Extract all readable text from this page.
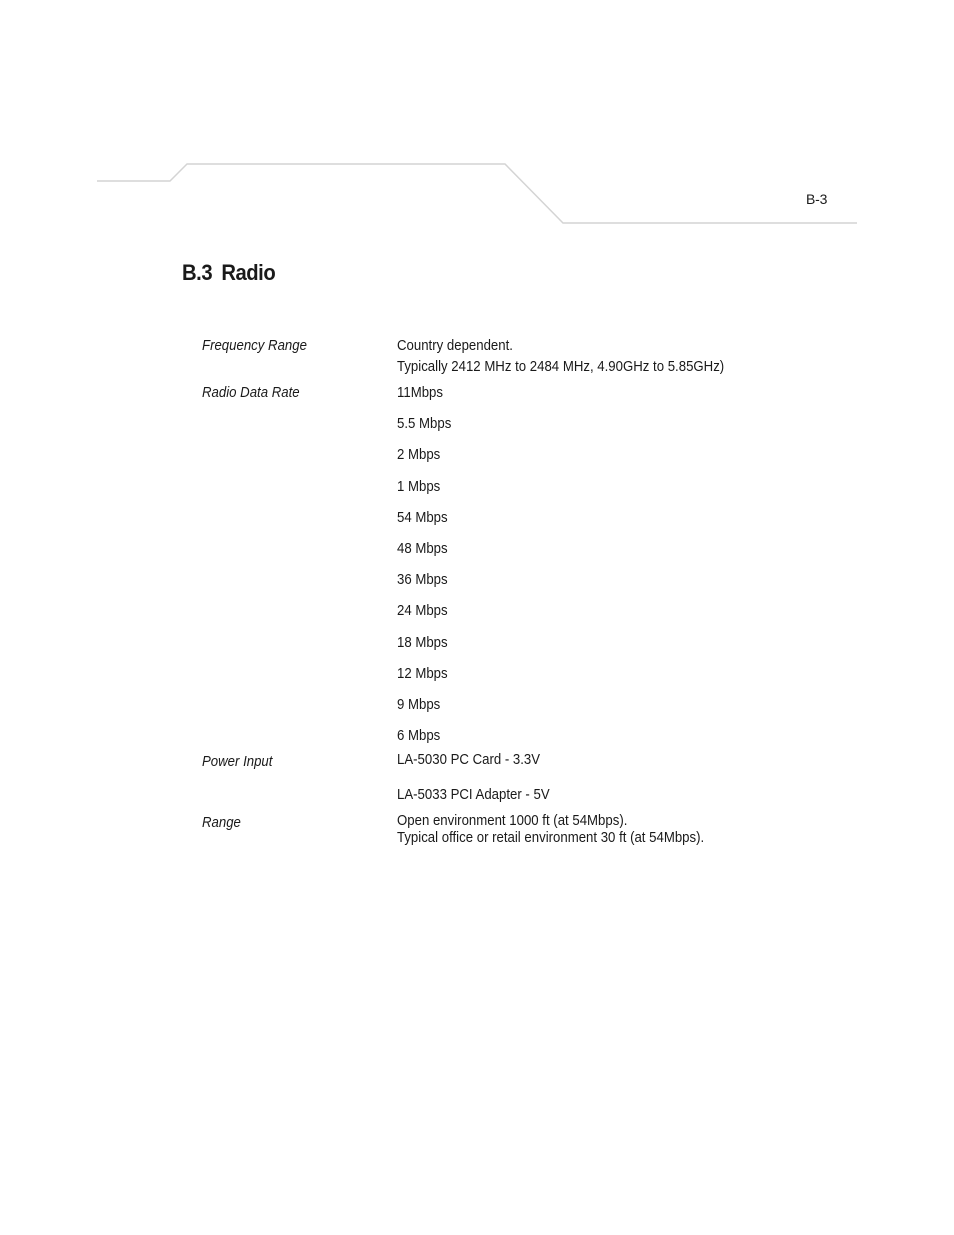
B-3
B.3 Radio
Frequency Range	Country dependent.
Typically 2412 MHz to 2484 MHz, 4.90GHz to 5.85GHz)
Radio Data Rate	11Mbps
5.5 Mbps
2 Mbps
1 Mbps
54 Mbps
48 Mbps
36 Mbps
24 Mbps
18 Mbps
12 Mbps
9 Mbps
6 Mbps
Power Input	LA-5030 PC Card - 3.3V
LA-5033 PCI Adapter - 5V
Range	Open environment 1000 ft (at 54Mbps).
Typical office or retail environment 30 ft (at 54Mbps).
